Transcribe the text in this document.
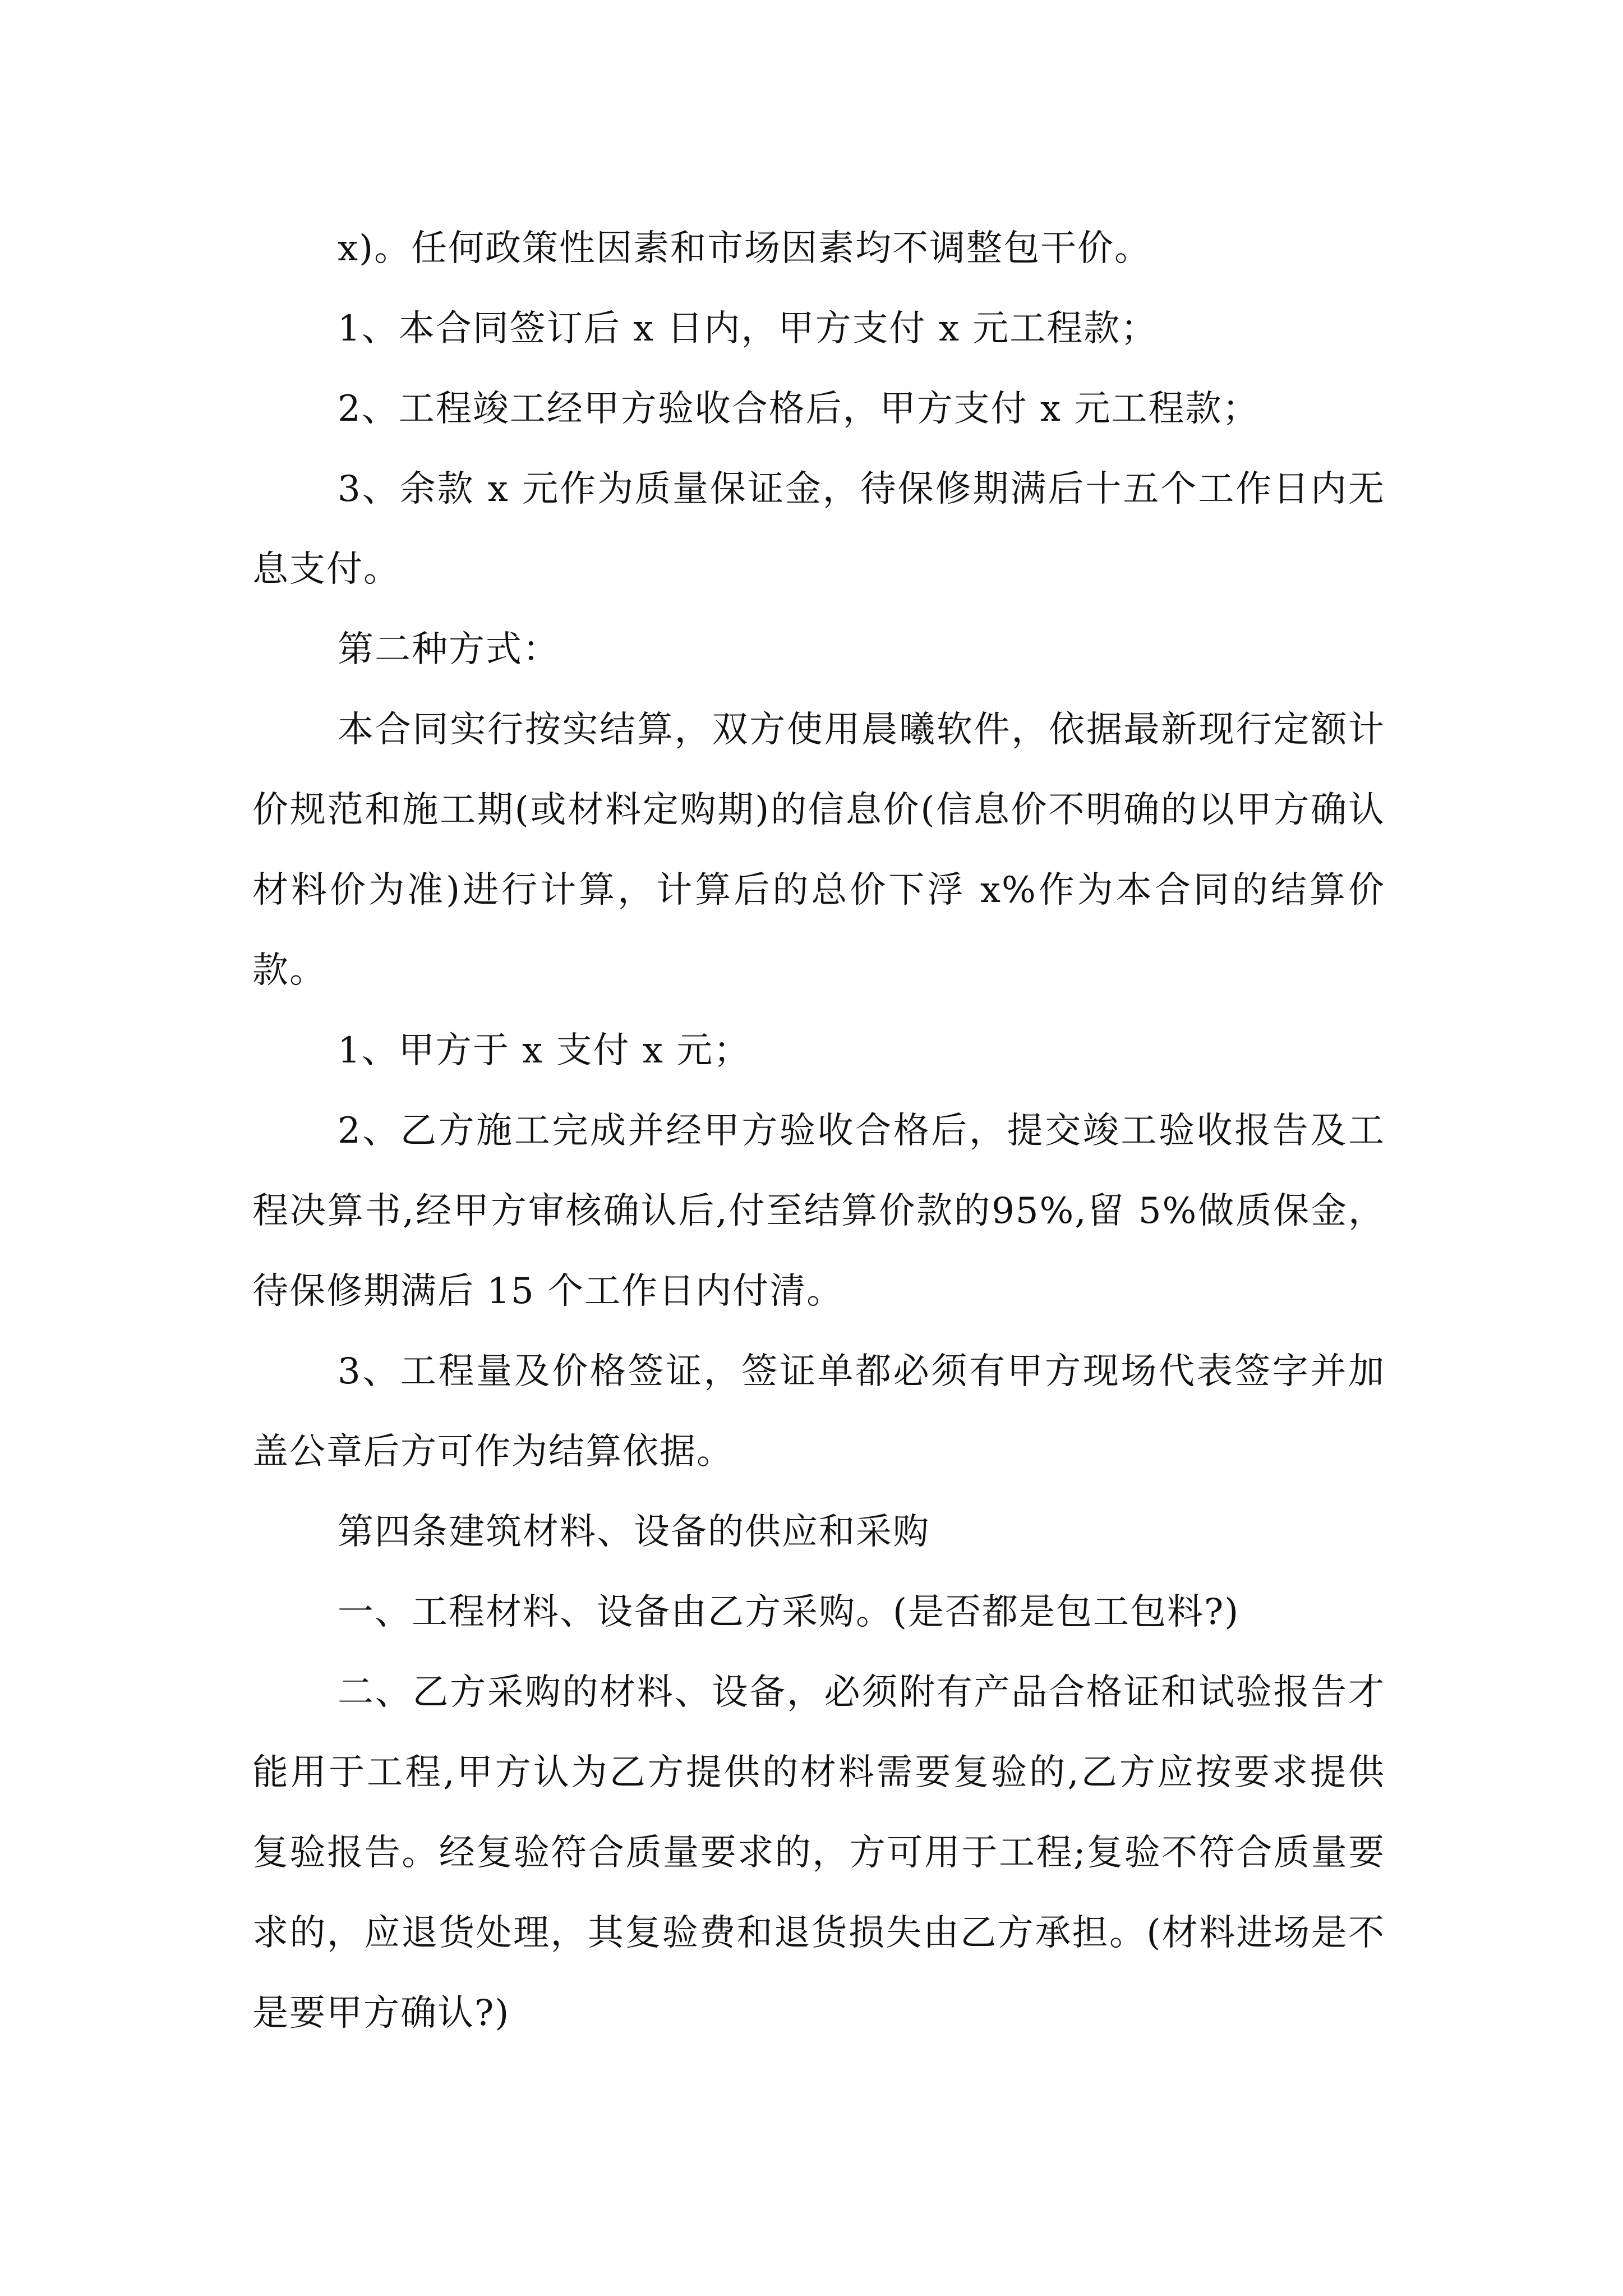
x)。任何政策性因素和市场因素均不调整包干价。

1、本合同签订后 x 日内，甲方支付 x 元工程款；

2、工程竣工经甲方验收合格后，甲方支付 x 元工程款；

3、余款 x 元作为质量保证金，待保修期满后十五个工作日内无息支付。

第二种方式：

本合同实行按实结算，双方使用晨曦软件，依据最新现行定额计价规范和施工期(或材料定购期)的信息价(信息价不明确的以甲方确认材料价为准)进行计算，计算后的总价下浮 x%作为本合同的结算价款。

1、甲方于 x 支付 x 元；

2、乙方施工完成并经甲方验收合格后，提交竣工验收报告及工程决算书,经甲方审核确认后,付至结算价款的95%,留 5%做质保金，待保修期满后 15 个工作日内付清。

3、工程量及价格签证，签证单都必须有甲方现场代表签字并加盖公章后方可作为结算依据。

第四条建筑材料、设备的供应和采购

一、工程材料、设备由乙方采购。(是否都是包工包料?)

二、乙方采购的材料、设备，必须附有产品合格证和试验报告才能用于工程,甲方认为乙方提供的材料需要复验的,乙方应按要求提供复验报告。经复验符合质量要求的，方可用于工程;复验不符合质量要求的，应退货处理，其复验费和退货损失由乙方承担。(材料进场是不是要甲方确认?)
